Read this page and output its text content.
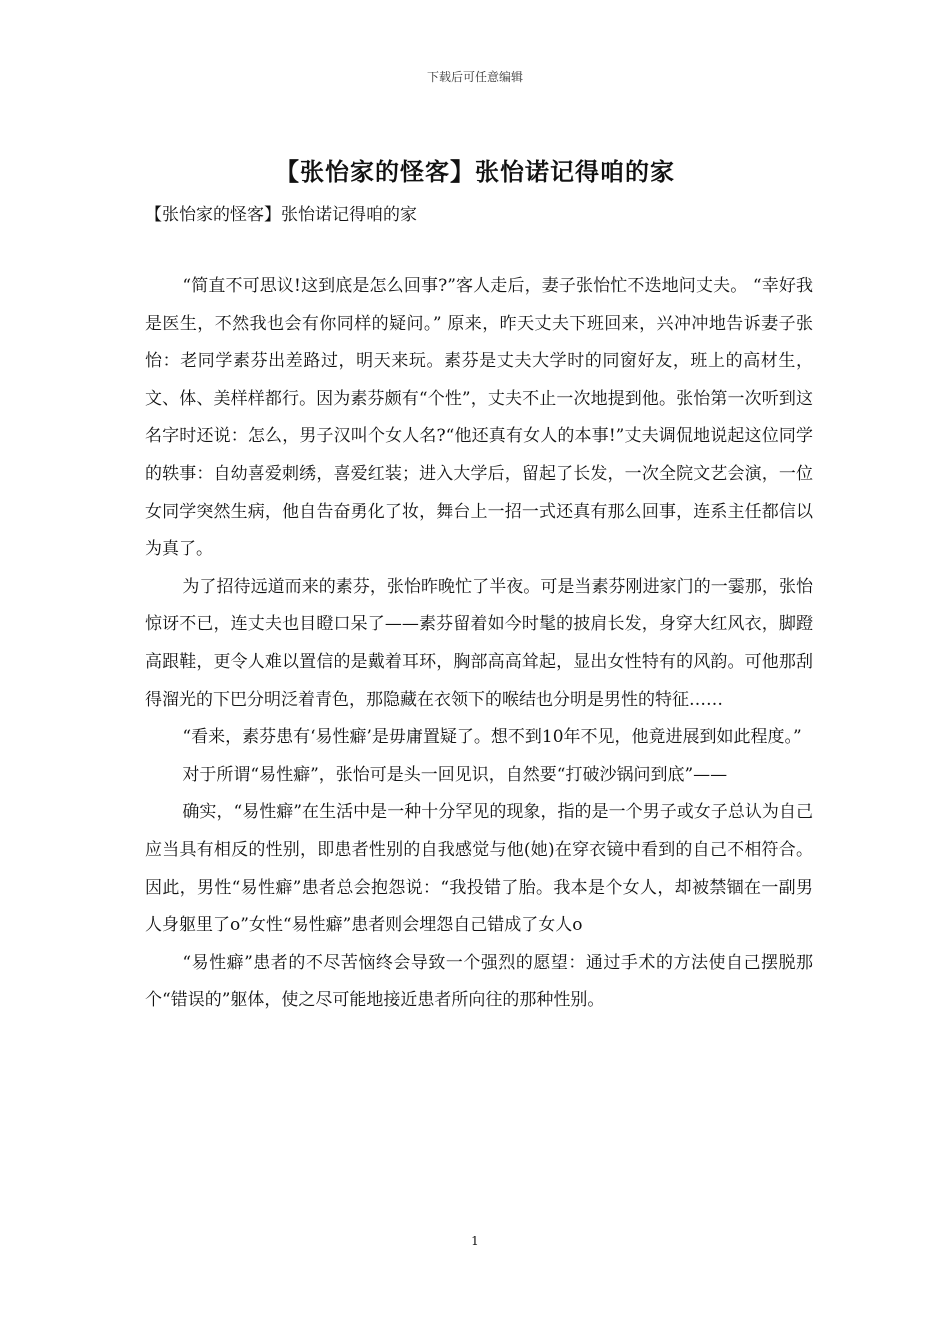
下载后可任意编辑
【张怡家的怪客】张怡诺记得咱的家
【张怡家的怪客】张怡诺记得咱的家

“简直不可思议!这到底是怎么回事?”客人走后，妻子张怡忙不迭地问丈夫。 “幸好我是医生，不然我也会有你同样的疑问。” 原来，昨天丈夫下班回来，兴冲冲地告诉妻子张怡：老同学素芬出差路过，明天来玩。素芬是丈夫大学时的同窗好友，班上的高材生，文、体、美样样都行。因为素芬颇有“个性”，丈夫不止一次地提到他。张怡第一次听到这名字时还说：怎么，男子汉叫个女人名?“他还真有女人的本事!”丈夫调侃地说起这位同学的轶事：自幼喜爱刺绣，喜爱红装；进入大学后，留起了长发，一次全院文艺会演，一位女同学突然生病，他自告奋勇化了妆，舞台上一招一式还真有那么回事，连系主任都信以为真了。

为了招待远道而来的素芬，张怡昨晚忙了半夜。可是当素芬刚进家门的一霎那，张怡惊讶不已，连丈夫也目瞪口呆了——素芬留着如今时髦的披肩长发，身穿大红风衣，脚蹬高跟鞋，更令人难以置信的是戴着耳环，胸部高高耸起，显出女性特有的风韵。可他那刮得溜光的下巴分明泛着青色，那隐藏在衣领下的喉结也分明是男性的特征……

“看来，素芬患有‘易性癖’是毋庸置疑了。想不到10年不见，他竟进展到如此程度。”

对于所谓“易性癖”，张怡可是头一回见识，自然要“打破沙锅问到底”——

确实，“易性癖”在生活中是一种十分罕见的现象，指的是一个男子或女子总认为自己应当具有相反的性别，即患者性别的自我感觉与他(她)在穿衣镜中看到的自己不相符合。因此，男性“易性癖”患者总会抱怨说：“我投错了胎。我本是个女人，却被禁锢在一副男人身躯里了o”女性“易性癖”患者则会埋怨自己错成了女人o

“易性癖”患者的不尽苦恼终会导致一个强烈的愿望：通过手术的方法使自己摆脱那个“错误的”躯体，使之尽可能地接近患者所向往的那种性别。

1
